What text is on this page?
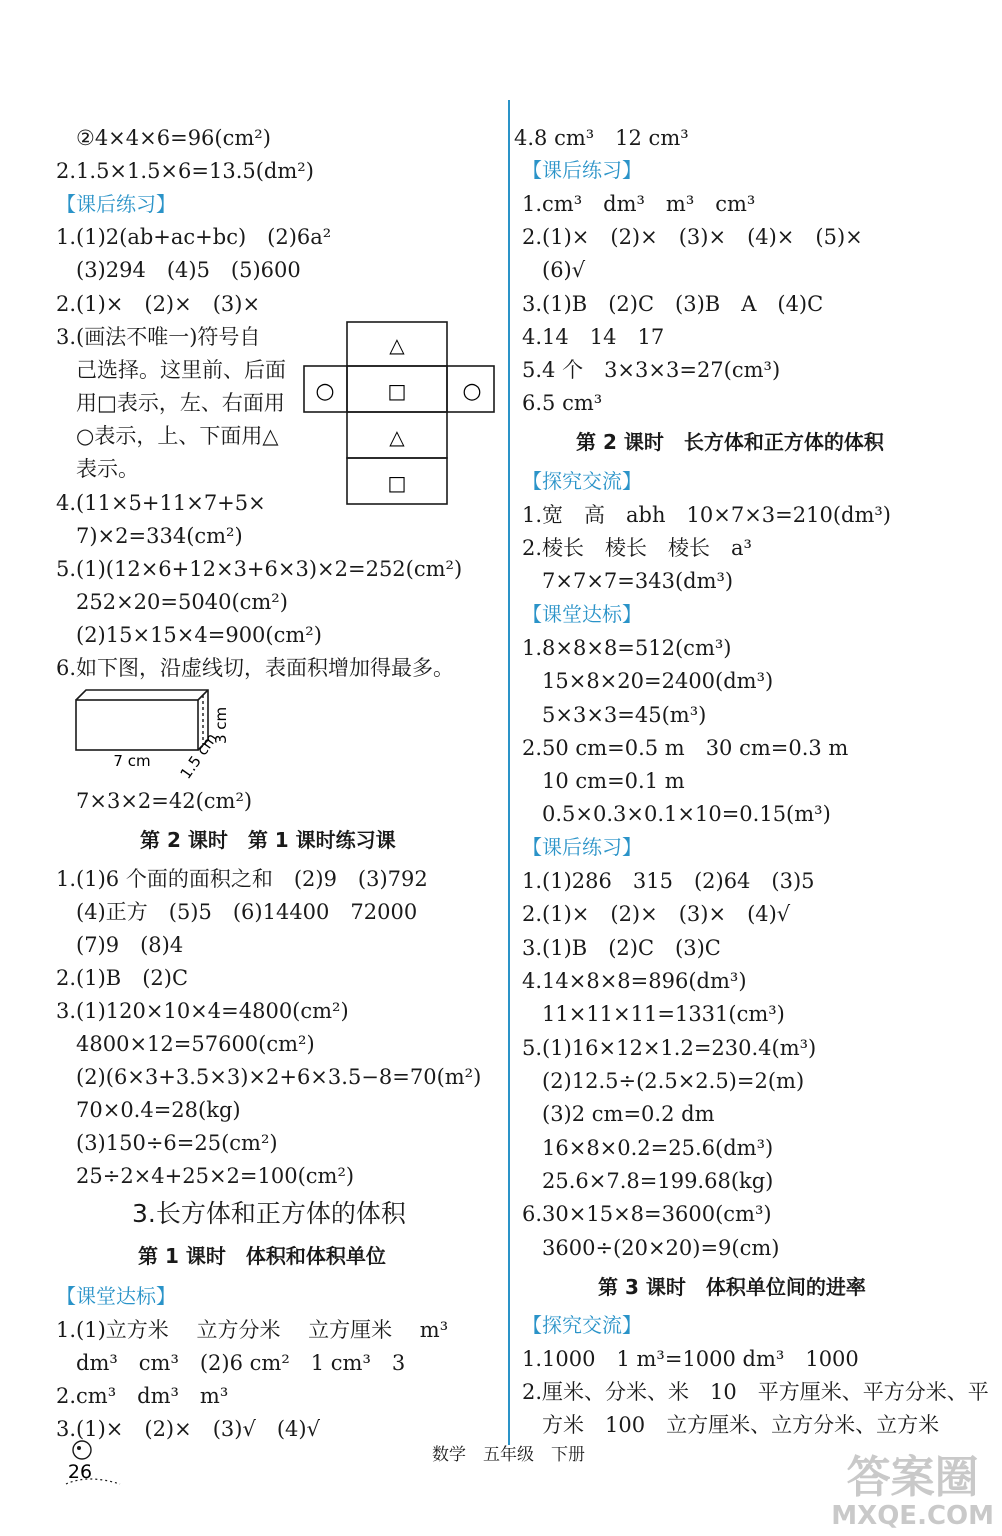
②4×4×6=96(cm²)
2.1.5×1.5×6=13.5(dm²)
【课后练习】
1.(1)2(ab+ac+bc)　(2)6a²
(3)294　(4)5　(5)600
2.(1)×　(2)×　(3)×
3.(画法不唯一)符号自
己选择。这里前、后面
用□表示，左、右面用
○表示，上、下面用△
表示。
4.(11×5+11×7+5×
7)×2=334(cm²)
5.(1)(12×6+12×3+6×3)×2=252(cm²)
252×20=5040(cm²)
(2)15×15×4=900(cm²)
6.如下图，沿虚线切，表面积增加得最多。
7×3×2=42(cm²)
第 2 课时　第 1 课时练习课
1.(1)6 个面的面积之和　(2)9　(3)792
(4)正方　(5)5　(6)14400　72000
(7)9　(8)4
2.(1)B　(2)C
3.(1)120×10×4=4800(cm²)
4800×12=57600(cm²)
(2)(6×3+3.5×3)×2+6×3.5−8=70(m²)
70×0.4=28(kg)
(3)150÷6=25(cm²)
25÷2×4+25×2=100(cm²)
3.长方体和正方体的体积
第 1 课时　体积和体积单位
【课堂达标】
1.(1)立方米　 立方分米　 立方厘米　 m³
dm³　cm³　(2)6 cm²　1 cm³　3
2.cm³　dm³　m³
3.(1)×　(2)×　(3)√　(4)√
△
○	□	○
△
□
7 cm 1.5 cm
3 cm
4.8 cm³　12 cm³
【课后练习】
1.cm³　dm³　m³　cm³
2.(1)×　(2)×　(3)×　(4)×　(5)×
(6)√
3.(1)B　(2)C　(3)B　A　(4)C
4.14　14　17
5.4 个　3×3×3=27(cm³)
6.5 cm³
第 2 课时　长方体和正方体的体积
【探究交流】
1.宽　高　abh　10×7×3=210(dm³)
2.棱长　棱长　棱长　a³
7×7×7=343(dm³)
【课堂达标】
1.8×8×8=512(cm³)
15×8×20=2400(dm³)
5×3×3=45(m³)
2.50 cm=0.5 m　30 cm=0.3 m
10 cm=0.1 m
0.5×0.3×0.1×10=0.15(m³)
【课后练习】
1.(1)286　315　(2)64　(3)5
2.(1)×　(2)×　(3)×　(4)√
3.(1)B　(2)C　(3)C
4.14×8×8=896(dm³)
11×11×11=1331(cm³)
5.(1)16×12×1.2=230.4(m³)
(2)12.5÷(2.5×2.5)=2(m)
(3)2 cm=0.2 dm
16×8×0.2=25.6(dm³)
25.6×7.8=199.68(kg)
6.30×15×8=3600(cm³)
3600÷(20×20)=9(cm)
第 3 课时　体积单位间的进率
【探究交流】
1.1000　1 m³=1000 dm³　1000
2.厘米、分米、米　10　平方厘米、平方分米、平
方米　100　立方厘米、立方分米、立方米
26
数学　五年级　下册	答案圈
MXQE.COM
